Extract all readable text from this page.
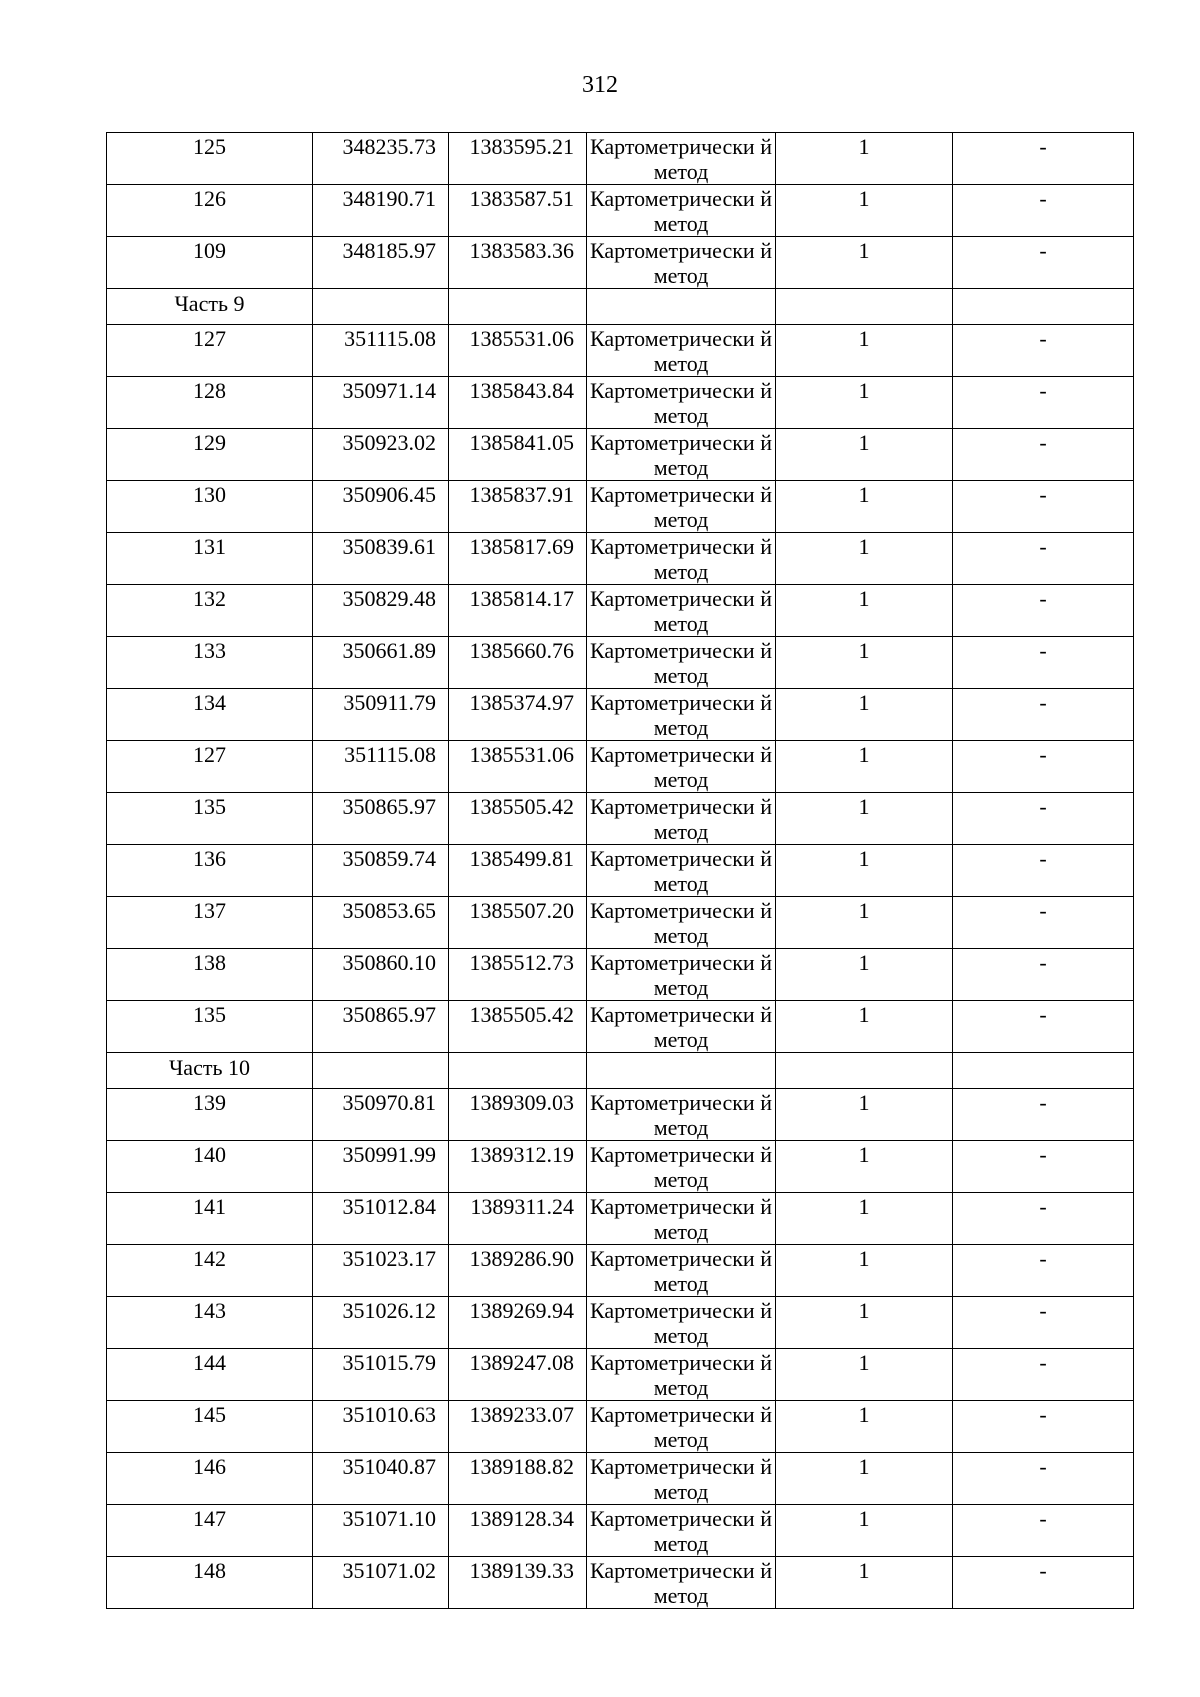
312
125	348235.73	1383595.21	Картометрически й метод	1	-
126	348190.71	1383587.51	Картометрически й метод	1	-
109	348185.97	1383583.36	Картометрически й метод	1	-
Часть 9					
127	351115.08	1385531.06	Картометрически й метод	1	-
128	350971.14	1385843.84	Картометрически й метод	1	-
129	350923.02	1385841.05	Картометрически й метод	1	-
130	350906.45	1385837.91	Картометрически й метод	1	-
131	350839.61	1385817.69	Картометрически й метод	1	-
132	350829.48	1385814.17	Картометрически й метод	1	-
133	350661.89	1385660.76	Картометрически й метод	1	-
134	350911.79	1385374.97	Картометрически й метод	1	-
127	351115.08	1385531.06	Картометрически й метод	1	-
135	350865.97	1385505.42	Картометрически й метод	1	-
136	350859.74	1385499.81	Картометрически й метод	1	-
137	350853.65	1385507.20	Картометрически й метод	1	-
138	350860.10	1385512.73	Картометрически й метод	1	-
135	350865.97	1385505.42	Картометрически й метод	1	-
Часть 10					
139	350970.81	1389309.03	Картометрически й метод	1	-
140	350991.99	1389312.19	Картометрически й метод	1	-
141	351012.84	1389311.24	Картометрически й метод	1	-
142	351023.17	1389286.90	Картометрически й метод	1	-
143	351026.12	1389269.94	Картометрически й метод	1	-
144	351015.79	1389247.08	Картометрически й метод	1	-
145	351010.63	1389233.07	Картометрически й метод	1	-
146	351040.87	1389188.82	Картометрически й метод	1	-
147	351071.10	1389128.34	Картометрически й метод	1	-
148	351071.02	1389139.33	Картометрически й метод	1	-
